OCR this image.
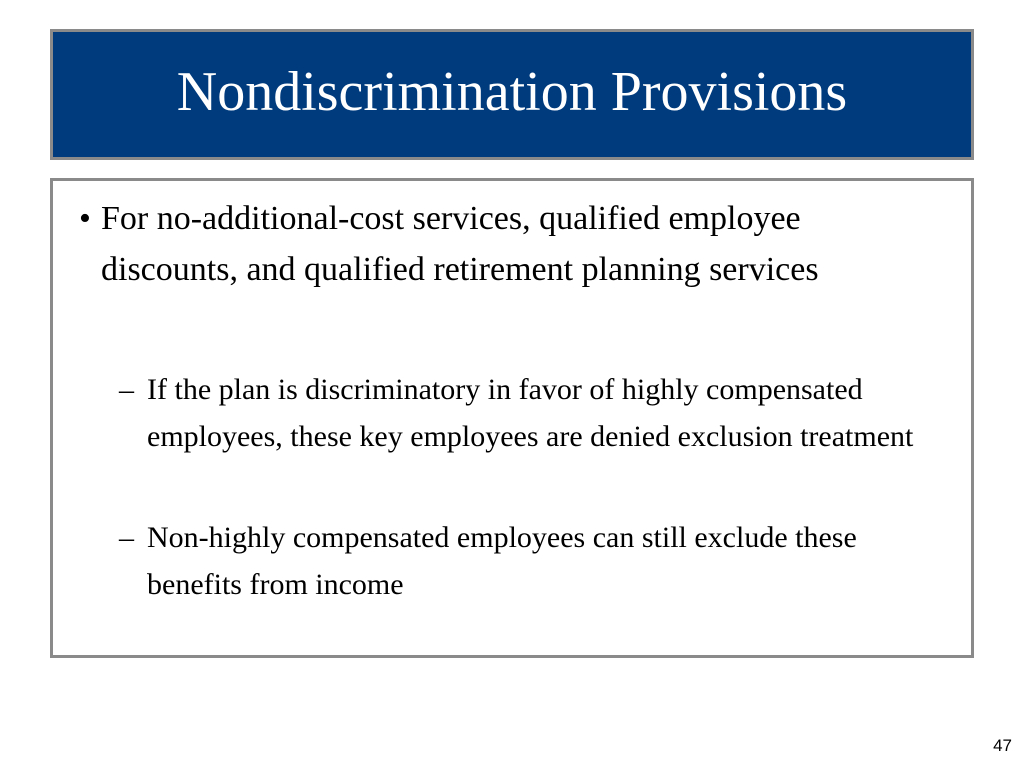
Nondiscrimination Provisions
• For no-additional-cost services, qualified employee discounts, and qualified retirement planning services
– If the plan is discriminatory in favor of highly compensated employees, these key employees are denied exclusion treatment
– Non-highly compensated employees can still exclude these benefits from income
47
